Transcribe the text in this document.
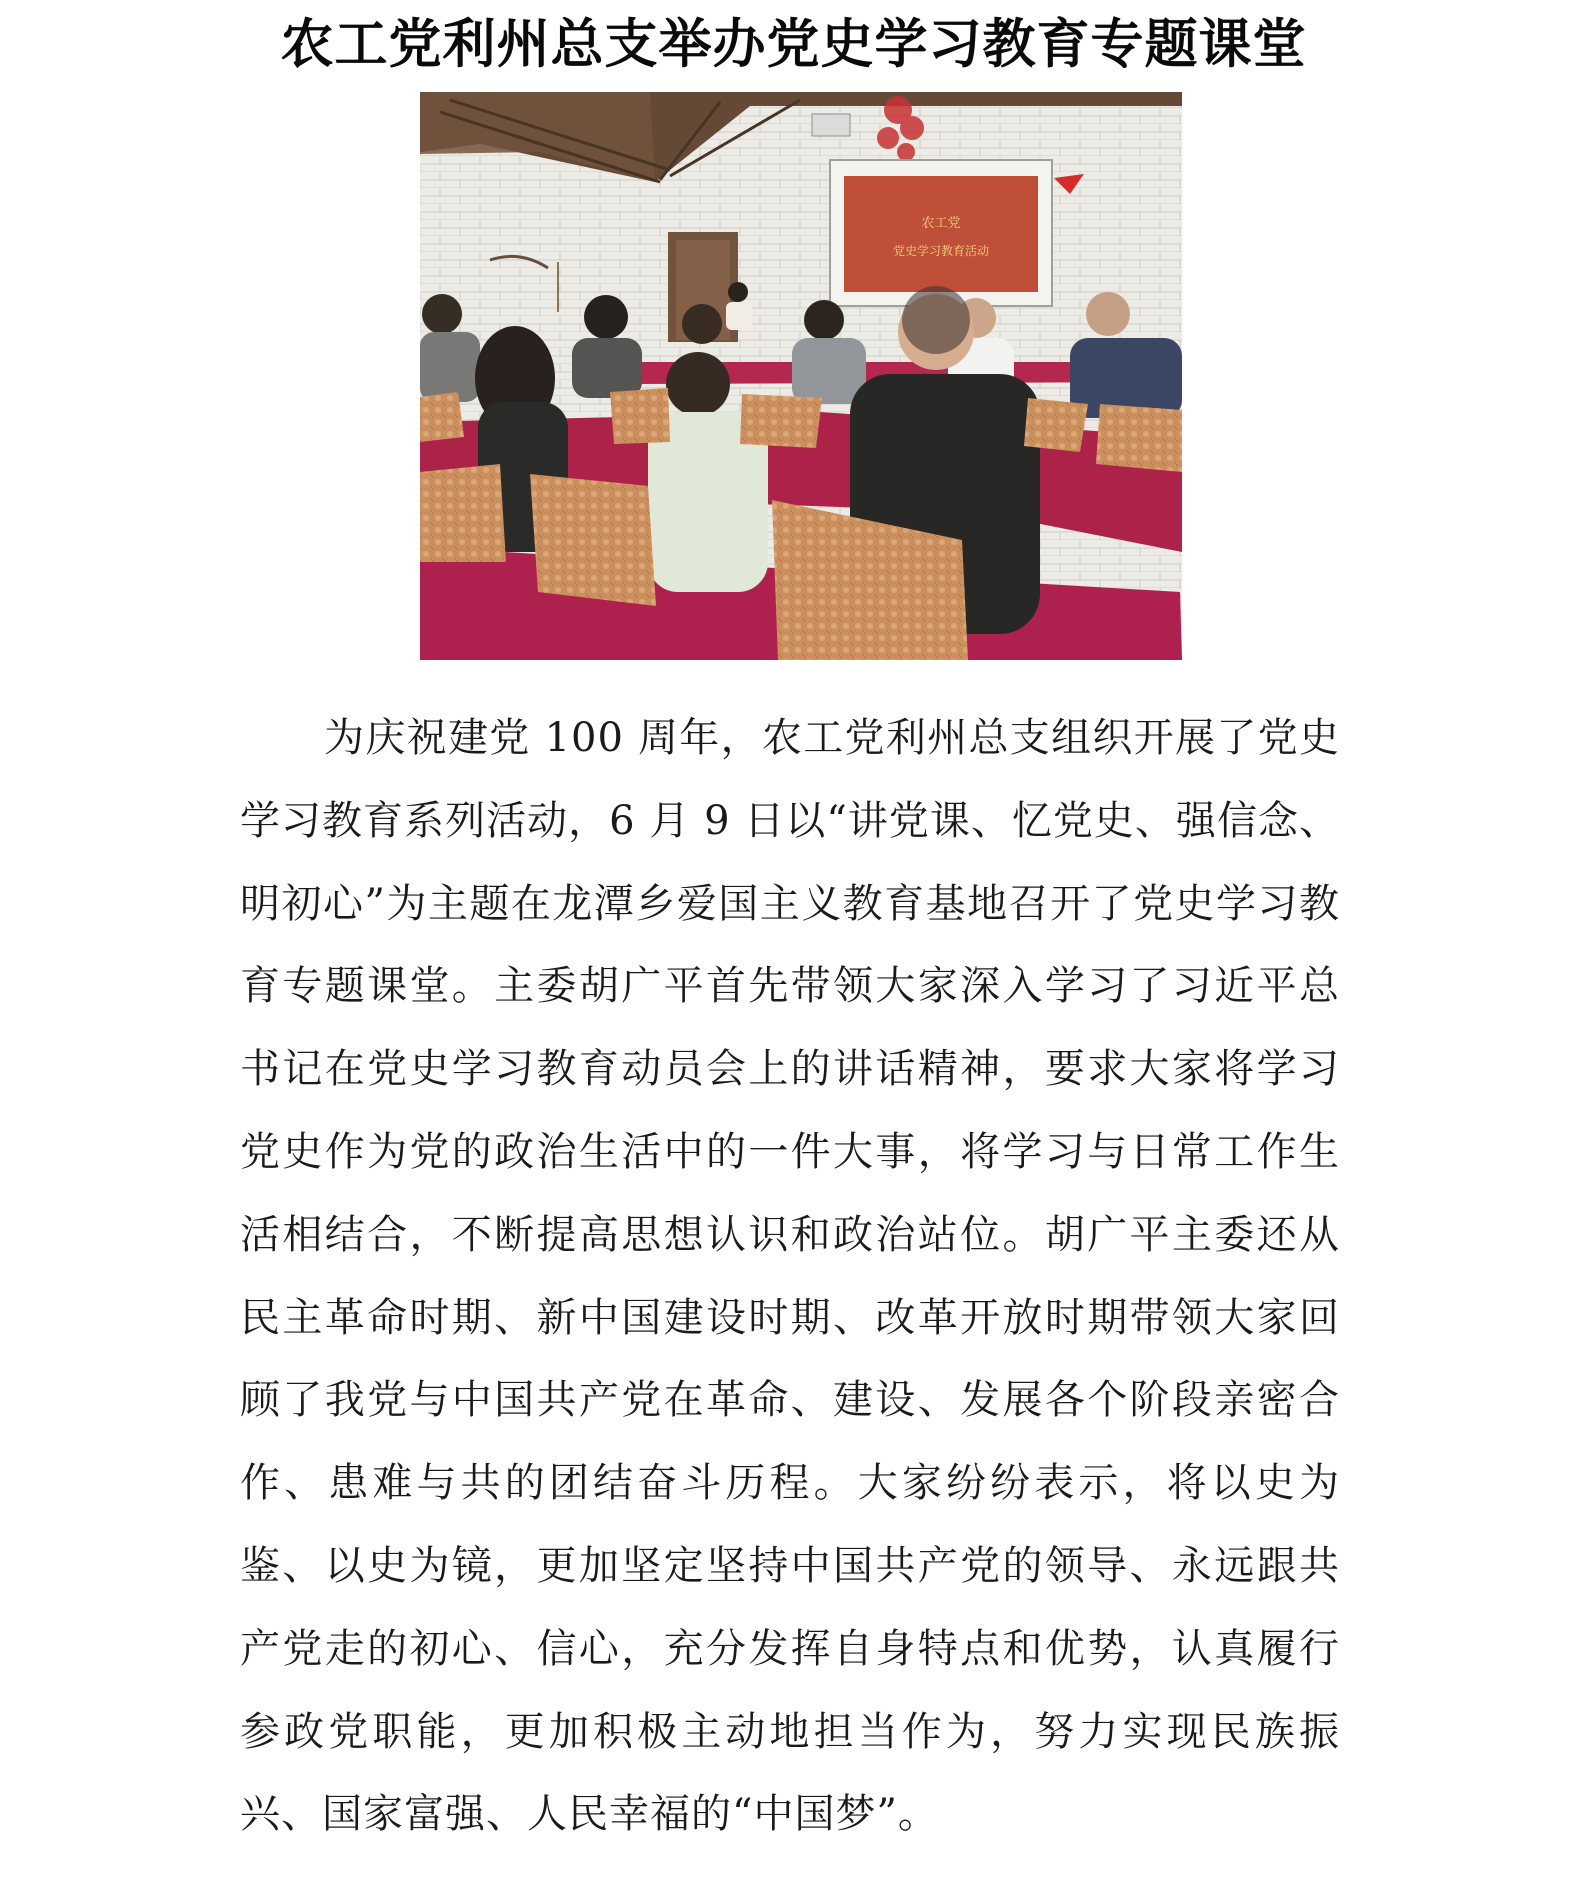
农工党利州总支举办党史学习教育专题课堂
农工党
党史学习教育活动

为庆祝建党 100 周年，农工党利州总支组织开展了党史学习教育系列活动，6 月 9 日以“讲党课、忆党史、强信念、明初心”为主题在龙潭乡爱国主义教育基地召开了党史学习教育专题课堂。主委胡广平首先带领大家深入学习了习近平总书记在党史学习教育动员会上的讲话精神，要求大家将学习党史作为党的政治生活中的一件大事，将学习与日常工作生活相结合，不断提高思想认识和政治站位。胡广平主委还从民主革命时期、新中国建设时期、改革开放时期带领大家回顾了我党与中国共产党在革命、建设、发展各个阶段亲密合作、患难与共的团结奋斗历程。大家纷纷表示，将以史为鉴、以史为镜，更加坚定坚持中国共产党的领导、永远跟共产党走的初心、信心，充分发挥自身特点和优势，认真履行参政党职能，更加积极主动地担当作为，努力实现民族振兴、国家富强、人民幸福的“中国梦”。
